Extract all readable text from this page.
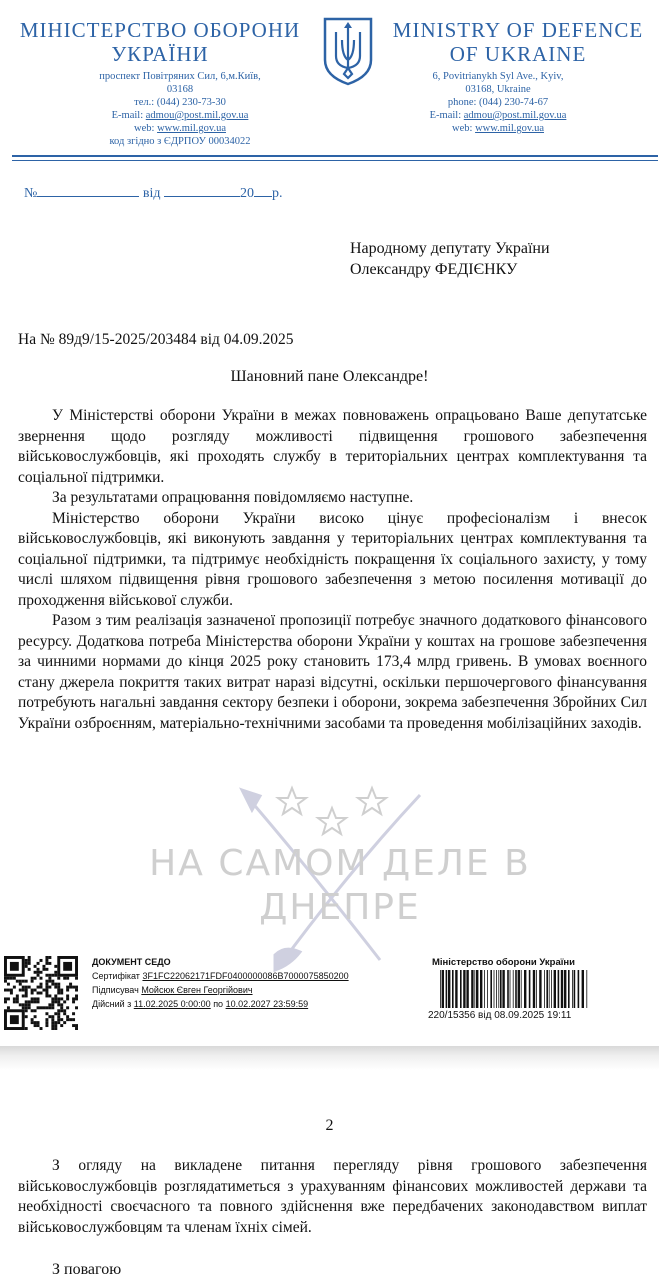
МІНІСТЕРСТВО ОБОРОНИ
УКРАЇНИ
проспект Повітряних Сил, 6,м.Київ,
03168
тел.: (044) 230-73-30
E-mail: admou@post.mil.gov.ua
web: www.mil.gov.ua
код згідно з ЄДРПОУ 00034022
MINISTRY OF DEFENCE
OF UKRAINE
6, Povitrianykh Syl Ave., Kyiv,
03168, Ukraine
phone: (044) 230-74-67
E-mail: admou@post.mil.gov.ua
web: www.mil.gov.ua
№	від	20 р.
Народному депутату України
Олександру ФЕДІЄНКУ
На № 89д9/15-2025/203484 від 04.09.2025
Шановний пане Олександре!
НА САМОМ ДЕЛЕ В
ДНЕПРЕ

У Міністерстві оборони України в межах повноважень опрацьовано Ваше депутатське звернення щодо розгляду можливості підвищення грошового забезпечення військовослужбовців, які проходять службу в територіальних центрах комплектування та соціальної підтримки.

За результатами опрацювання повідомляємо наступне.

Міністерство оборони України високо цінує професіоналізм і внесок військовослужбовців, які виконують завдання у територіальних центрах комплектування та соціальної підтримки, та підтримує необхідність покращення їх соціального захисту, у тому числі шляхом підвищення рівня грошового забезпечення з метою посилення мотивації до проходження військової служби.

Разом з тим реалізація зазначеної пропозиції потребує значного додаткового фінансового ресурсу. Додаткова потреба Міністерства оборони України у коштах на грошове забезпечення за чинними нормами до кінця 2025 року становить 173,4 млрд гривень. В умовах воєнного стану джерела покриття таких витрат наразі відсутні, оскільки першочергового фінансування потребують нагальні завдання сектору безпеки і оборони, зокрема забезпечення Збройних Сил України озброєнням, матеріально-технічними засобами та проведення мобілізаційних заходів.

ДОКУМЕНТ СЕДО
Сертифікат 3F1FC22062171FDF0400000086B7000075850200
Підписувач Мойсюк Євген Георгійович
Дійсний з 11.02.2025 0:00:00 по 10.02.2027 23:59:59
Міністерство оборони України
220/15356 від 08.09.2025 19:11
2

З огляду на викладене питання перегляду рівня грошового забезпечення військовослужбовців розглядатиметься з урахуванням фінансових можливостей держави та необхідності своєчасного та повного здійснення вже передбачених законодавством виплат військовослужбовцям та членам їхніх сімей.

З повагою
